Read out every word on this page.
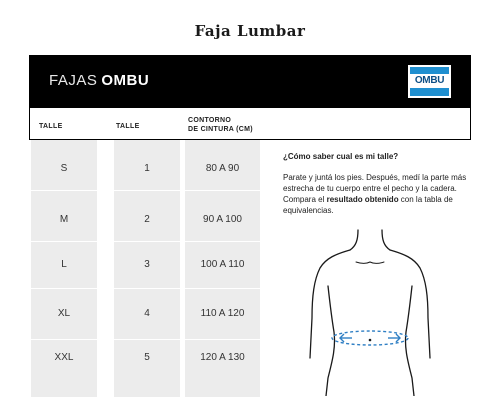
Faja Lumbar
FAJAS OMBU	OMBU
TALLE	TALLE
CONTORNO
DE CINTURA (CM)
S
M
L
XL
XXL
1
2
3
4
5
80 A 90
90 A 100
100 A 110
110 A 120
120 A 130
¿Cómo saber cual es mi talle?
Parate y juntá los pies. Después, medí la parte más estrecha de tu cuerpo entre el pecho y la cadera. Compara el resultado obtenido con la tabla de equivalencias.
